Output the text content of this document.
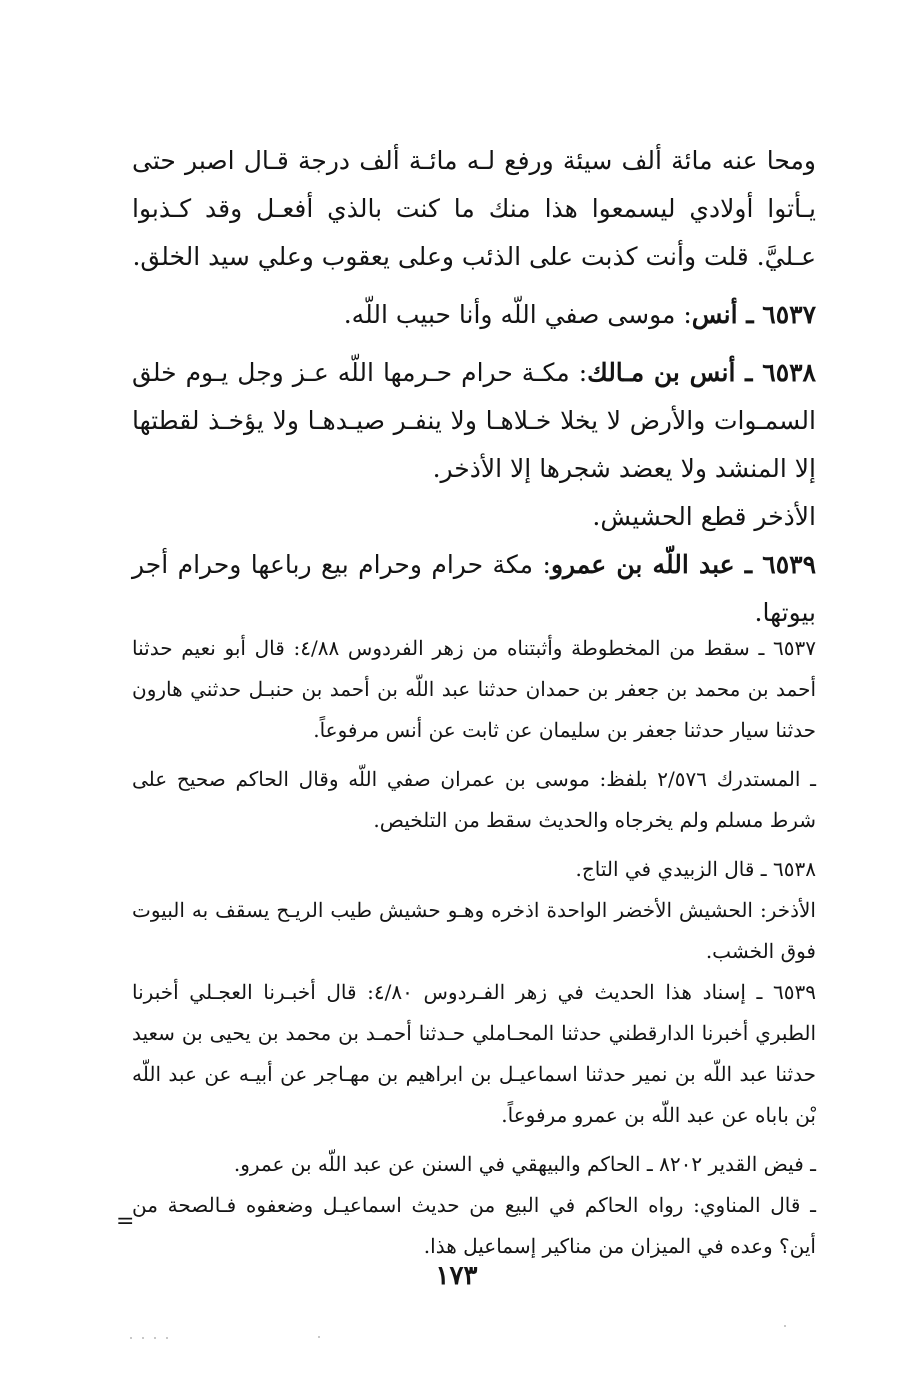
ومحا عنه مائة ألف سيئة ورفع لـه مائـة ألف درجة قـال اصبر حتى يـأتوا أولادي ليسمعوا هذا منك ما كنت بالذي أفعـل وقد كـذبوا عـليَّ. قلت وأنت كذبت على الذئب وعلى يعقوب وعلي سيد الخلق.

٦٥٣٧ ـ أنس: موسى صفي اللّه وأنا حبيب اللّه.

٦٥٣٨ ـ أنس بن مـالك: مكـة حرام حـرمها اللّه عـز وجل يـوم خلق السمـوات والأرض لا يخلا خـلاهـا ولا ينفـر صيـدهـا ولا يؤخـذ لقطتها إلا المنشد ولا يعضد شجرها إلا الأذخر.

الأذخر قطع الحشيش.

٦٥٣٩ ـ عبد اللّه بن عمرو: مكة حرام وحرام بيع رباعها وحرام أجر بيوتها.

٦٥٣٧ ـ سقط من المخطوطة وأثبتناه من زهر الفردوس ٤/٨٨: قال أبو نعيم حدثنا أحمد بن محمد بن جعفر بن حمدان حدثنا عبد اللّه بن أحمد بن حنبـل حدثني هارون حدثنا سيار حدثنا جعفر بن سليمان عن ثابت عن أنس مرفوعاً.

ـ المستدرك ٢/٥٧٦ بلفظ: موسى بن عمران صفي اللّه وقال الحاكم صحيح على شرط مسلم ولم يخرجاه والحديث سقط من التلخيص.

٦٥٣٨ ـ قال الزبيدي في التاج.

الأذخر: الحشيش الأخضر الواحدة اذخره وهـو حشيش طيب الريـح يسقف به البيوت فوق الخشب.

٦٥٣٩ ـ إسناد هذا الحديث في زهر الفـردوس ٤/٨٠: قال أخبـرنا العجـلي أخبرنا الطبري أخبرنا الدارقطني حدثنا المحـاملي حـدثنا أحمـد بن محمد بن يحيى بن سعيد حدثنا عبد اللّه بن نمير حدثنا اسماعيـل بن ابراهيم بن مهـاجر عن أبيـه عن عبد اللّه بْن باباه عن عبد اللّه بن عمرو مرفوعاً.

ـ فيض القدير ٨٢٠٢ ـ الحاكم والبيهقي في السنن عن عبد اللّه بن عمرو.

ـ قال المناوي: رواه الحاكم في البيع من حديث اسماعيـل وضعفوه فـالصحة من أين؟ وعده في الميزان من مناكير إسماعيل هذا.

=
١٧٣
